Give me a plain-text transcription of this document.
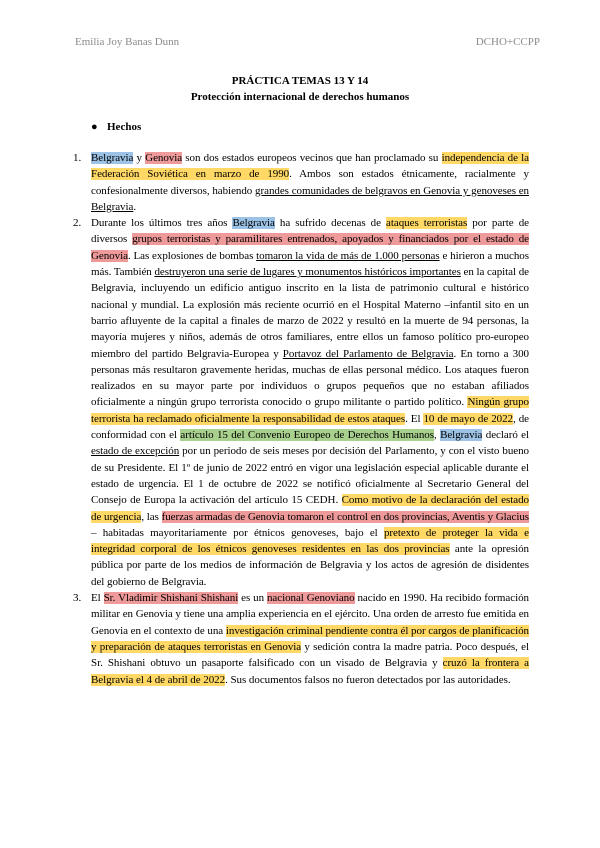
Emilia Joy Banas Dunn	DCHO+CCPP
PRÁCTICA TEMAS 13 Y 14
Protección internacional de derechos humanos
● Hechos

1. Belgravia y Genovia son dos estados europeos vecinos que han proclamado su independencia de la Federación Soviética en marzo de 1990. Ambos son estados étnicamente, racialmente y confesionalmente diversos, habiendo grandes comunidades de belgravos en Genovia y genoveses en Belgravia.

2. Durante los últimos tres años Belgravia ha sufrido decenas de ataques terroristas por parte de diversos grupos terroristas y paramilitares entrenados, apoyados y financiados por el estado de Genovia. Las explosiones de bombas tomaron la vida de más de 1.000 personas e hirieron a muchos más. También destruyeron una serie de lugares y monumentos históricos importantes en la capital de Belgravia, incluyendo un edificio antiguo inscrito en la lista de patrimonio cultural e histórico nacional y mundial. La explosión más reciente ocurrió en el Hospital Materno –infantil sito en un barrio afluyente de la capital a finales de marzo de 2022 y resultó en la muerte de 94 personas, la mayoría mujeres y niños, además de otros familiares, entre ellos un famoso político pro-europeo miembro del partido Belgravia-Europea y Portavoz del Parlamento de Belgravia. En torno a 300 personas más resultaron gravemente heridas, muchas de ellas personal médico. Los ataques fueron realizados en su mayor parte por individuos o grupos pequeños que no estaban afiliados oficialmente a ningún grupo terrorista conocido o grupo militante o partido político. Ningún grupo terrorista ha reclamado oficialmente la responsabilidad de estos ataques. El 10 de mayo de 2022, de conformidad con el artículo 15 del Convenio Europeo de Derechos Humanos, Belgravia declaró el estado de excepción por un periodo de seis meses por decisión del Parlamento, y con el visto bueno de su Presidente. El 1º de junio de 2022 entró en vigor una legislación especial aplicable durante el estado de urgencia. El 1 de octubre de 2022 se notificó oficialmente al Secretario General del Consejo de Europa la activación del artículo 15 CEDH. Como motivo de la declaración del estado de urgencia, las fuerzas armadas de Genovia tomaron el control en dos provincias, Aventis y Glacius – habitadas mayoritariamente por étnicos genoveses, bajo el pretexto de proteger la vida e integridad corporal de los étnicos genoveses residentes en las dos provincias ante la opresión pública por parte de los medios de información de Belgravia y los actos de agresión de disidentes del gobierno de Belgravia.

3. El Sr. Vladimir Shishani Shishani es un nacional Genoviano nacido en 1990. Ha recibido formación militar en Genovia y tiene una amplia experiencia en el ejército. Una orden de arresto fue emitida en Genovia en el contexto de una investigación criminal pendiente contra él por cargos de planificación y preparación de ataques terroristas en Genovia y sedición contra la madre patria. Poco después, el Sr. Shishani obtuvo un pasaporte falsificado con un visado de Belgravia y cruzó la frontera a Belgravia el 4 de abril de 2022. Sus documentos falsos no fueron detectados por las autoridades.
